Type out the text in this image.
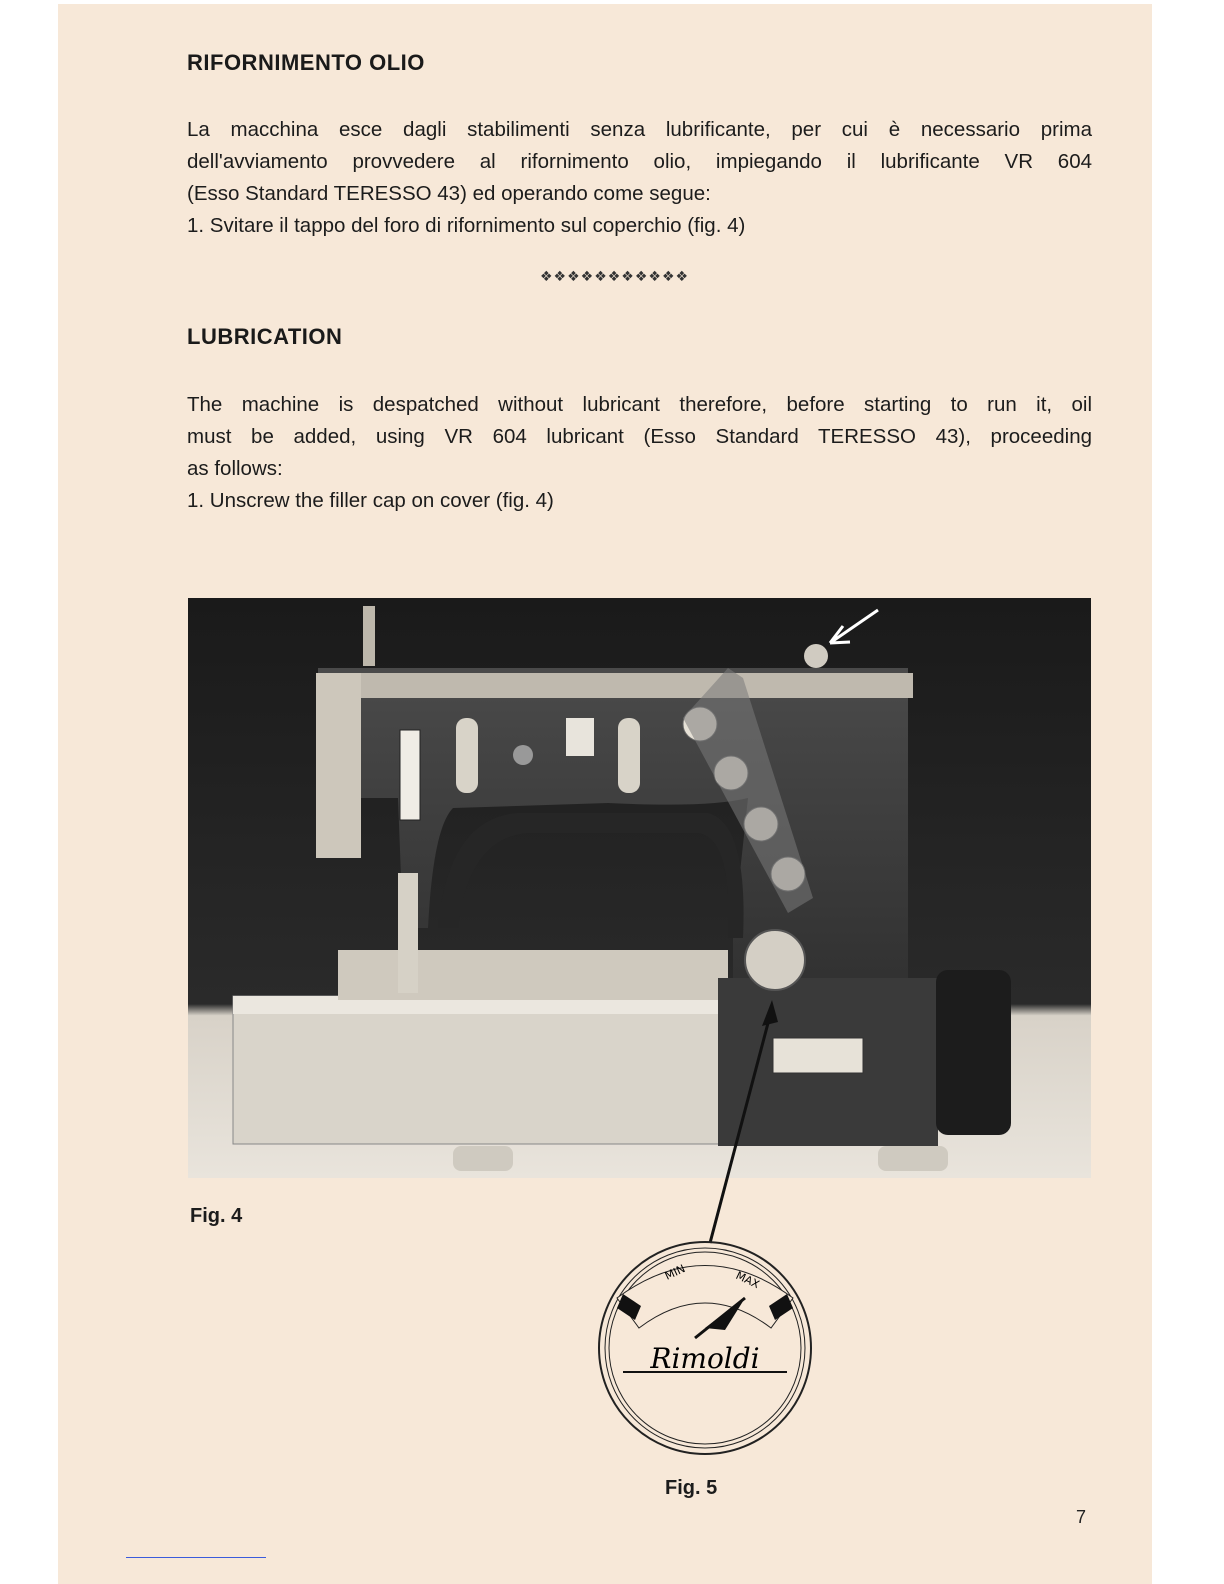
RIFORNIMENTO OLIO
La macchina esce dagli stabilimenti senza lubrificante, per cui è necessario prima
dell'avviamento provvedere al rifornimento olio, impiegando il lubrificante VR 604
(Esso Standard TERESSO 43) ed operando come segue:
1. Svitare il tappo del foro di rifornimento sul coperchio (fig. 4)
❖❖❖❖❖❖❖❖❖❖❖
LUBRICATION
The machine is despatched without lubricant therefore, before starting to run it, oil
must be added, using VR 604 lubricant (Esso Standard TERESSO 43), proceeding
as follows:
1. Unscrew the filler cap on cover (fig. 4)
Fig. 4
MIN	MAX
Rimoldi
Fig. 5
7
